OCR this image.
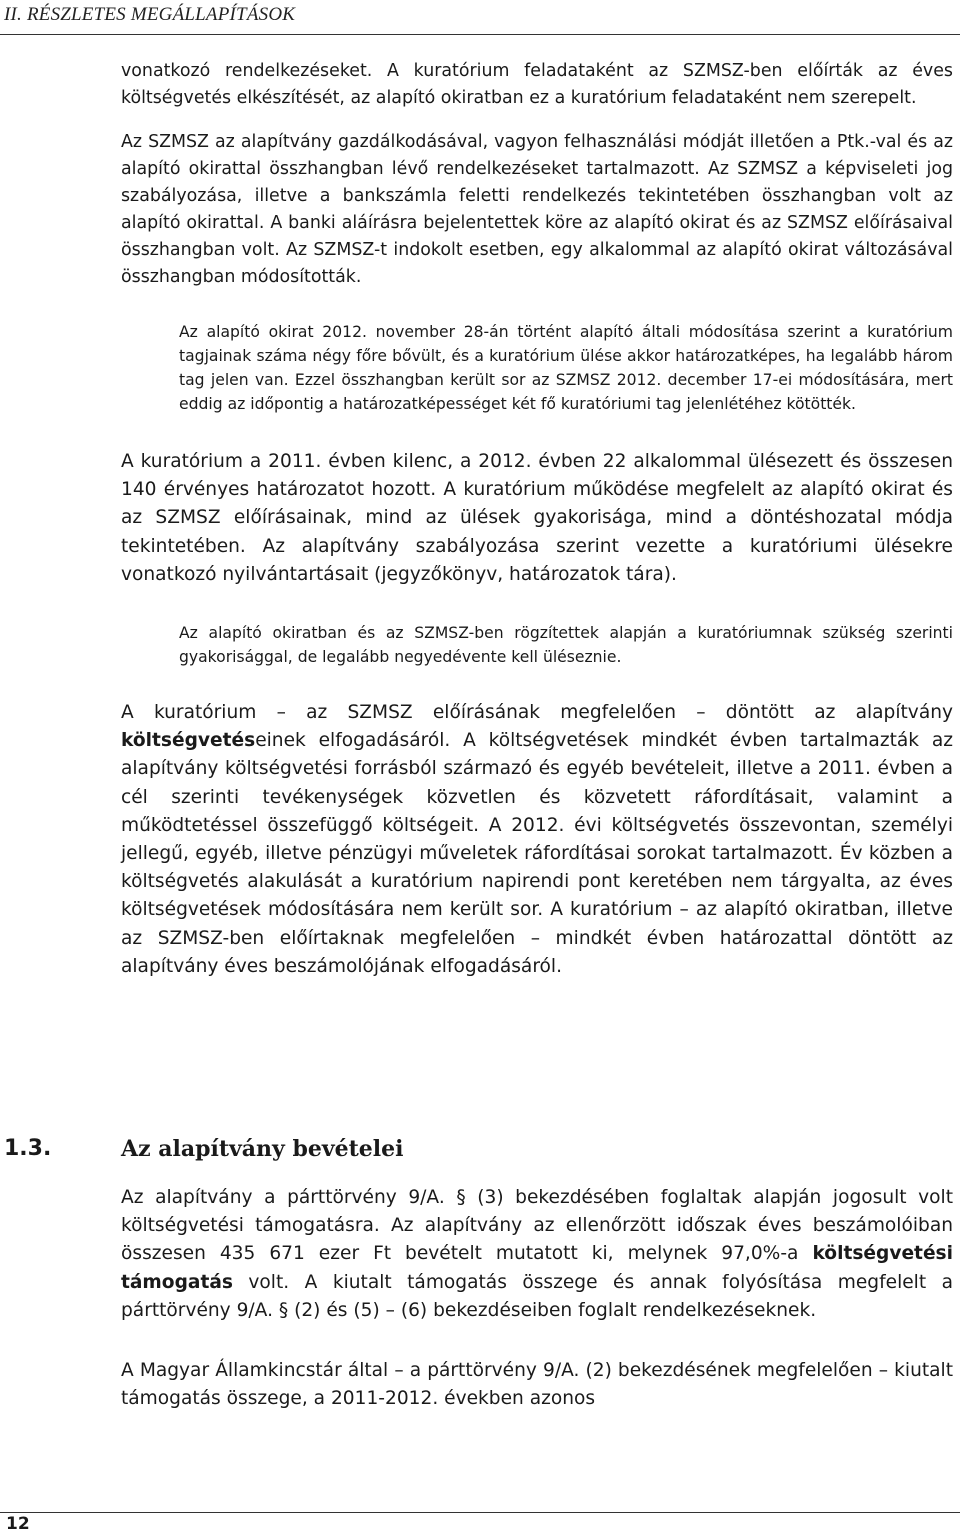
II. RÉSZLETES MEGÁLLAPÍTÁSOK

vonatkozó rendelkezéseket. A kuratórium feladataként az SZMSZ-ben előírták az éves költségvetés elkészítését, az alapító okiratban ez a kuratórium feladataként nem szerepelt.

Az SZMSZ az alapítvány gazdálkodásával, vagyon felhasználási módját illetően a Ptk.-val és az alapító okirattal összhangban lévő rendelkezéseket tartalmazott. Az SZMSZ a képviseleti jog szabályozása, illetve a bankszámla feletti rendelkezés tekintetében összhangban volt az alapító okirattal. A banki aláírásra bejelentettek köre az alapító okirat és az SZMSZ előírásaival összhangban volt. Az SZMSZ-t indokolt esetben, egy alkalommal az alapító okirat változásával összhangban módosították.

Az alapító okirat 2012. november 28-án történt alapító általi módosítása szerint a kuratórium tagjainak száma négy főre bővült, és a kuratórium ülése akkor határozatképes, ha legalább három tag jelen van. Ezzel összhangban került sor az SZMSZ 2012. december 17-ei módosítására, mert eddig az időpontig a határozatképességet két fő kuratóriumi tag jelenlétéhez kötötték.

A kuratórium a 2011. évben kilenc, a 2012. évben 22 alkalommal ülésezett és összesen 140 érvényes határozatot hozott. A kuratórium működése megfelelt az alapító okirat és az SZMSZ előírásainak, mind az ülések gyakorisága, mind a döntéshozatal módja tekintetében. Az alapítvány szabályozása szerint vezette a kuratóriumi ülésekre vonatkozó nyilvántartásait (jegyzőkönyv, határozatok tára).

Az alapító okiratban és az SZMSZ-ben rögzítettek alapján a kuratóriumnak szükség szerinti gyakorisággal, de legalább negyedévente kell üléseznie.

A kuratórium – az SZMSZ előírásának megfelelően – döntött az alapítvány költségvetéseinek elfogadásáról. A költségvetések mindkét évben tartalmazták az alapítvány költségvetési forrásból származó és egyéb bevételeit, illetve a 2011. évben a cél szerinti tevékenységek közvetlen és közvetett ráfordításait, valamint a működtetéssel összefüggő költségeit. A 2012. évi költségvetés összevontan, személyi jellegű, egyéb, illetve pénzügyi műveletek ráfordításai sorokat tartalmazott. Év közben a költségvetés alakulását a kuratórium napirendi pont keretében nem tárgyalta, az éves költségvetések módosítására nem került sor. A kuratórium – az alapító okiratban, illetve az SZMSZ-ben előírtaknak megfelelően – mindkét évben határozattal döntött az alapítvány éves beszámolójának elfogadásáról.

1.3.	Az alapítvány bevételei

Az alapítvány a párttörvény 9/A. § (3) bekezdésében foglaltak alapján jogosult volt költségvetési támogatásra. Az alapítvány az ellenőrzött időszak éves beszámolóiban összesen 435 671 ezer Ft bevételt mutatott ki, melynek 97,0%-a költségvetési támogatás volt. A kiutalt támogatás összege és annak folyósítása megfelelt a párttörvény 9/A. § (2) és (5) – (6) bekezdéseiben foglalt rendelkezéseknek.

A Magyar Államkincstár által – a párttörvény 9/A. (2) bekezdésének megfelelően – kiutalt támogatás összege, a 2011-2012. években azonos

12
